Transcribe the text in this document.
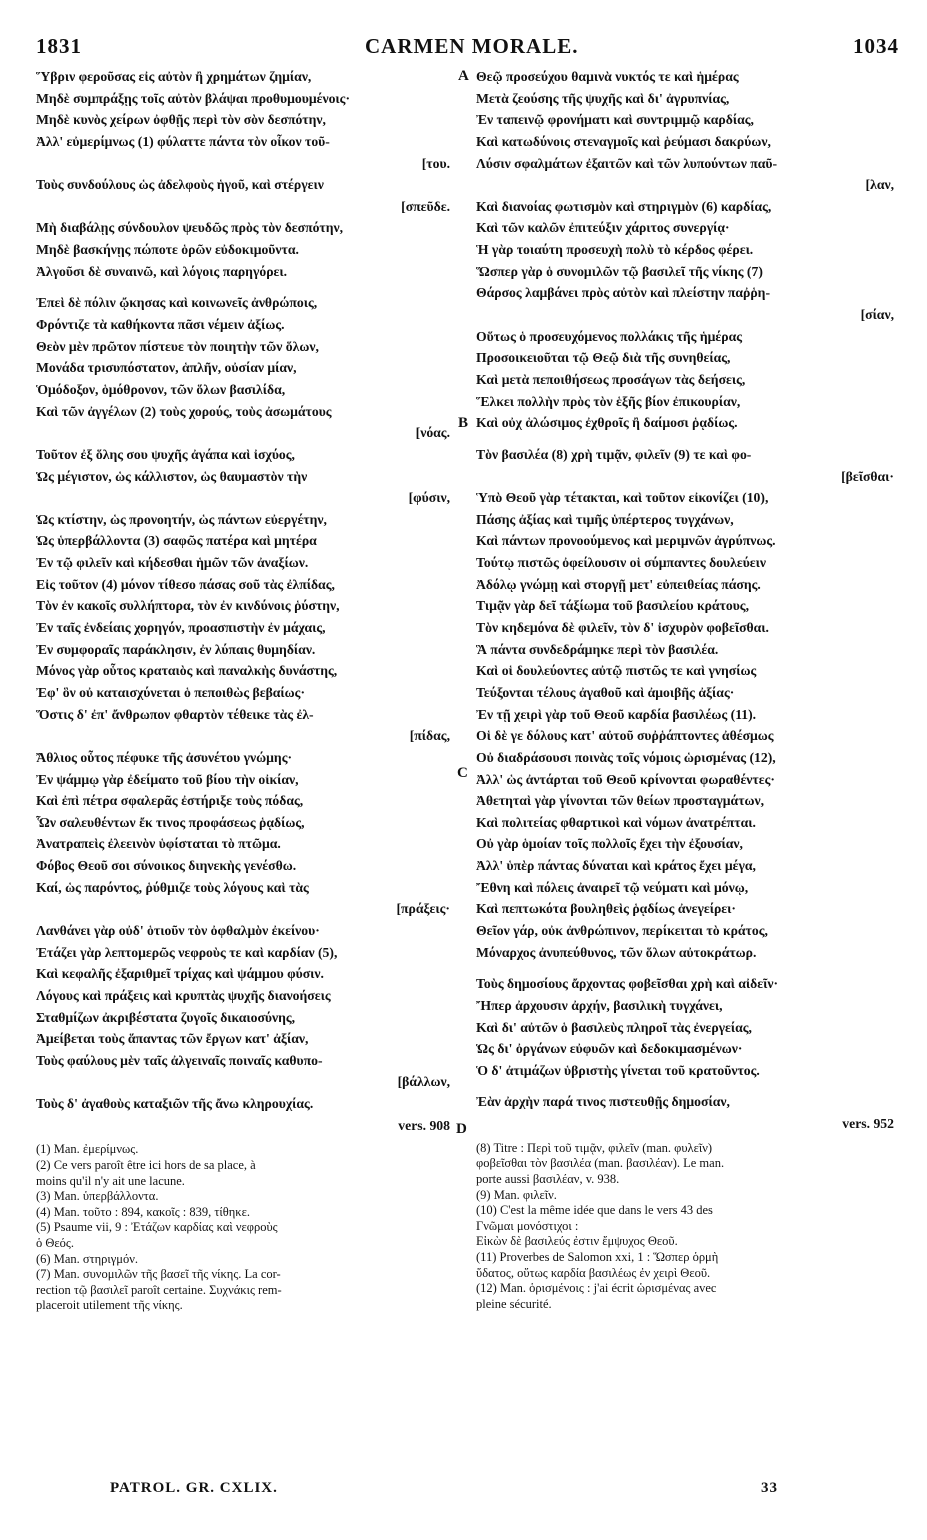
1831	CARMEN MORALE.	1034
A
B
C
D
Ὕβριν φεροῦσας εἰς αὐτὸν ἢ χρημάτων ζημίαν,
Μηδὲ συμπράξῃς τοῖς αὐτὸν βλάψαι προθυμουμένοις·
Μηδὲ κυνὸς χείρων ὀφθῇς περὶ τὸν σὸν δεσπότην,
Ἀλλ' εὐμερίμνως (1) φύλαττε πάντα τὸν οἶκον τοῦ-
[του.
Τοὺς συνδούλους ὡς ἀδελφοὺς ἡγοῦ, καὶ στέργειν
[σπεῦδε.
Μὴ διαβάλῃς σύνδουλον ψευδῶς πρὸς τὸν δεσπότην,
Μηδὲ βασκήνῃς πώποτε ὁρῶν εὐδοκιμοῦντα.
Ἀλγοῦσι δὲ συναινῶ, καὶ λόγοις παρηγόρει.
Ἐπεὶ δὲ πόλιν ᾤκησας καὶ κοινωνεῖς ἀνθρώποις,
Φρόντιζε τὰ καθήκοντα πᾶσι νέμειν ἀξίως.
Θεὸν μὲν πρῶτον πίστευε τὸν ποιητὴν τῶν ὅλων,
Μονάδα τρισυπόστατον, ἁπλῆν, οὐσίαν μίαν,
Ὁμόδοξον, ὁμόθρονον, τῶν ὅλων βασιλίδα,
Καὶ τῶν ἀγγέλων (2) τοὺς χορούς, τοὺς ἀσωμάτους
[νόας.
Τοῦτον ἐξ ὅλης σου ψυχῆς ἀγάπα καὶ ἰσχύος,
Ὡς μέγιστον, ὡς κάλλιστον, ὡς θαυμαστὸν τὴν
[φύσιν,
Ὡς κτίστην, ὡς προνοητήν, ὡς πάντων εὐεργέτην,
Ὡς ὑπερβάλλοντα (3) σαφῶς πατέρα καὶ μητέρα
Ἐν τῷ φιλεῖν καὶ κήδεσθαι ἡμῶν τῶν ἀναξίων.
Εἰς τοῦτον (4) μόνον τίθεσο πάσας σοῦ τὰς ἐλπίδας,
Τὸν ἐν κακοῖς συλλήπτορα, τὸν ἐν κινδύνοις ῥύστην,
Ἐν ταῖς ἐνδείαις χορηγόν, προασπιστὴν ἐν μάχαις,
Ἐν συμφοραῖς παράκλησιν, ἐν λύπαις θυμηδίαν.
Μόνος γὰρ οὗτος κραταιὸς καὶ παναλκὴς δυνάστης,
Ἐφ' ὃν οὐ καταισχύνεται ὁ πεποιθὼς βεβαίως·
Ὅστις δ' ἐπ' ἄνθρωπον φθαρτὸν τέθεικε τὰς ἐλ-
[πίδας,
Ἄθλιος οὗτος πέφυκε τῆς ἀσυνέτου γνώμης·
Ἐν ψάμμῳ γὰρ ἐδείματο τοῦ βίου τὴν οἰκίαν,
Καὶ ἐπὶ πέτρα σφαλερᾶς ἐστήριξε τοὺς πόδας,
Ὧν σαλευθέντων ἔκ τινος προφάσεως ῥᾳδίως,
Ἀνατραπεὶς ἐλεεινὸν ὑφίσταται τὸ πτῶμα.
Φόβος Θεοῦ σοι σύνοικος διηνεκὴς γενέσθω.
Καί, ὡς παρόντος, ῥύθμιζε τοὺς λόγους καὶ τὰς
[πράξεις·
Λανθάνει γὰρ οὐδ' ὁτιοῦν τὸν ὀφθαλμὸν ἐκείνου·
Ἐτάζει γὰρ λεπτομερῶς νεφροὺς τε καὶ καρδίαν (5),
Καὶ κεφαλῆς ἐξαριθμεῖ τρίχας καὶ ψάμμου φύσιν.
Λόγους καὶ πράξεις καὶ κρυπτὰς ψυχῆς διανοήσεις
Σταθμίζων ἀκριβέστατα ζυγοῖς δικαιοσύνης,
Ἀμείβεται τοὺς ἅπαντας τῶν ἔργων κατ' ἀξίαν,
Τοὺς φαύλους μὲν ταῖς ἀλγειναῖς ποιναῖς καθυπο-
[βάλλων,
Τοὺς δ' ἀγαθοὺς καταξιῶν τῆς ἄνω κληρουχίας.
vers. 908
(1) Man. ἐμερίμνως.
(2) Ce vers paroît être ici hors de sa place, à
moins qu'il n'y ait une lacune.
(3) Man. ὑπερβάλλοντα.
(4) Man. τοῦτο : 894, κακοῖς : 839, τίθηκε.
(5) Psaume vii, 9 : Ἐτάζων καρδίας καὶ νεφροὺς
ὁ Θεός.
(6) Man. στηριγμόν.
(7) Man. συνομιλῶν τῆς βασεῖ τῆς νίκης. La cor-
rection τῷ βασιλεῖ paroît certaine. Συχνάκις rem-
placeroit utilement τῆς νίκης.
Θεῷ προσεύχου θαμινὰ νυκτός τε καὶ ἡμέρας
Μετὰ ζεούσης τῆς ψυχῆς καὶ δι' ἀγρυπνίας,
Ἐν ταπεινῷ φρονήματι καὶ συντριμμῷ καρδίας,
Καὶ κατωδύνοις στεναγμοῖς καὶ ῥεύμασι δακρύων,
Λύσιν σφαλμάτων ἐξαιτῶν καὶ τῶν λυπούντων παῦ-
[λαν,
Καὶ διανοίας φωτισμὸν καὶ στηριγμὸν (6) καρδίας,
Καὶ τῶν καλῶν ἐπιτεύξιν χάριτος συνεργίᾳ·
Ἡ γὰρ τοιαύτη προσευχὴ πολὺ τὸ κέρδος φέρει.
Ὥσπερ γὰρ ὁ συνομιλῶν τῷ βασιλεῖ τῆς νίκης (7)
Θάρσος λαμβάνει πρὸς αὐτὸν καὶ πλείστην παῤῥη-
[σίαν,
Οὕτως ὁ προσευχόμενος πολλάκις τῆς ἡμέρας
Προσοικειοῦται τῷ Θεῷ διὰ τῆς συνηθείας,
Καὶ μετὰ πεποιθήσεως προσάγων τὰς δεήσεις,
Ἕλκει πολλὴν πρὸς τὸν ἑξῆς βίον ἐπικουρίαν,
Καὶ οὐχ ἁλώσιμος ἐχθροῖς ἢ δαίμοσι ῥᾳδίως.
Τὸν βασιλέα (8) χρὴ τιμᾷν, φιλεῖν (9) τε καὶ φο-
[βεῖσθαι·
Ὑπὸ Θεοῦ γὰρ τέτακται, καὶ τοῦτον εἰκονίζει (10),
Πάσης ἀξίας καὶ τιμῆς ὑπέρτερος τυγχάνων,
Καὶ πάντων προνοούμενος καὶ μεριμνῶν ἀγρύπνως.
Τούτῳ πιστῶς ὀφείλουσιν οἱ σύμπαντες δουλεύειν
Ἀδόλῳ γνώμῃ καὶ στοργῇ μετ' εὐπειθείας πάσης.
Τιμᾷν γὰρ δεῖ τάξίωμα τοῦ βασιλείου κράτους,
Τὸν κηδεμόνα δὲ φιλεῖν, τὸν δ' ἰσχυρὸν φοβεῖσθαι.
Ἃ πάντα συνδεδράμηκε περὶ τὸν βασιλέα.
Καὶ οἱ δουλεύοντες αὐτῷ πιστῶς τε καὶ γνησίως
Τεύξονται τέλους ἀγαθοῦ καὶ ἀμοιβῆς ἀξίας·
Ἐν τῇ χειρὶ γὰρ τοῦ Θεοῦ καρδία βασιλέως (11).
Οἱ δὲ γε δόλους κατ' αὐτοῦ συῤῥάπτοντες ἀθέσμως
Οὐ διαδράσουσι ποινὰς τοῖς νόμοις ὡρισμένας (12),
Ἀλλ' ὡς ἀντάρται τοῦ Θεοῦ κρίνονται φωραθέντες·
Ἀθετηταὶ γὰρ γίνονται τῶν θείων προσταγμάτων,
Καὶ πολιτείας φθαρτικοὶ καὶ νόμων ἀνατρέπται.
Οὐ γὰρ ὁμοίαν τοῖς πολλοῖς ἔχει τὴν ἐξουσίαν,
Ἀλλ' ὑπὲρ πάντας δύναται καὶ κράτος ἔχει μέγα,
Ἔθνη καὶ πόλεις ἀναιρεῖ τῷ νεύματι καὶ μόνῳ,
Καὶ πεπτωκότα βουληθεὶς ῥᾳδίως ἀνεγείρει·
Θεῖον γάρ, οὐκ ἀνθρώπινον, περίκειται τὸ κράτος,
Μόναρχος ἀνυπεύθυνος, τῶν ὅλων αὐτοκράτωρ.
Τοὺς δημοσίους ἄρχοντας φοβεῖσθαι χρὴ καὶ αἰδεῖν·
Ἤπερ ἀρχουσιν ἀρχήν, βασιλικὴ τυγχάνει,
Καὶ δι' αὐτῶν ὁ βασιλεὺς πληροῖ τὰς ἐνεργείας,
Ὡς δι' ὀργάνων εὐφυῶν καὶ δεδοκιμασμένων·
Ὁ δ' ἀτιμάζων ὑβριστὴς γίνεται τοῦ κρατοῦντος.
Ἐὰν ἀρχὴν παρά τινος πιστευθῇς δημοσίαν,
vers. 952
(8) Titre : Περὶ τοῦ τιμᾷν, φιλεῖν (man. φυλεῖν)
φοβεῖσθαι τὸν βασιλέα (man. βασιλέαν). Le man.
porte aussi βασιλέαν, v. 938.
(9) Man. φιλεῖν.
(10) C'est la même idée que dans le vers 43 des
Γνῶμαι μονόστιχοι :
Εἰκὼν δὲ βασιλεύς ἐστιν ἔμψυχος Θεοῦ.
(11) Proverbes de Salomon xxi, 1 : Ὥσπερ ὁρμὴ
ὕδατος, οὕτως καρδία βασιλέως ἐν χειρὶ Θεοῦ.
(12) Man. ὁρισμένοις : j'ai écrit ὡρισμένας avec
pleine sécurité.
PATROL. GR. CXLIX.	33
